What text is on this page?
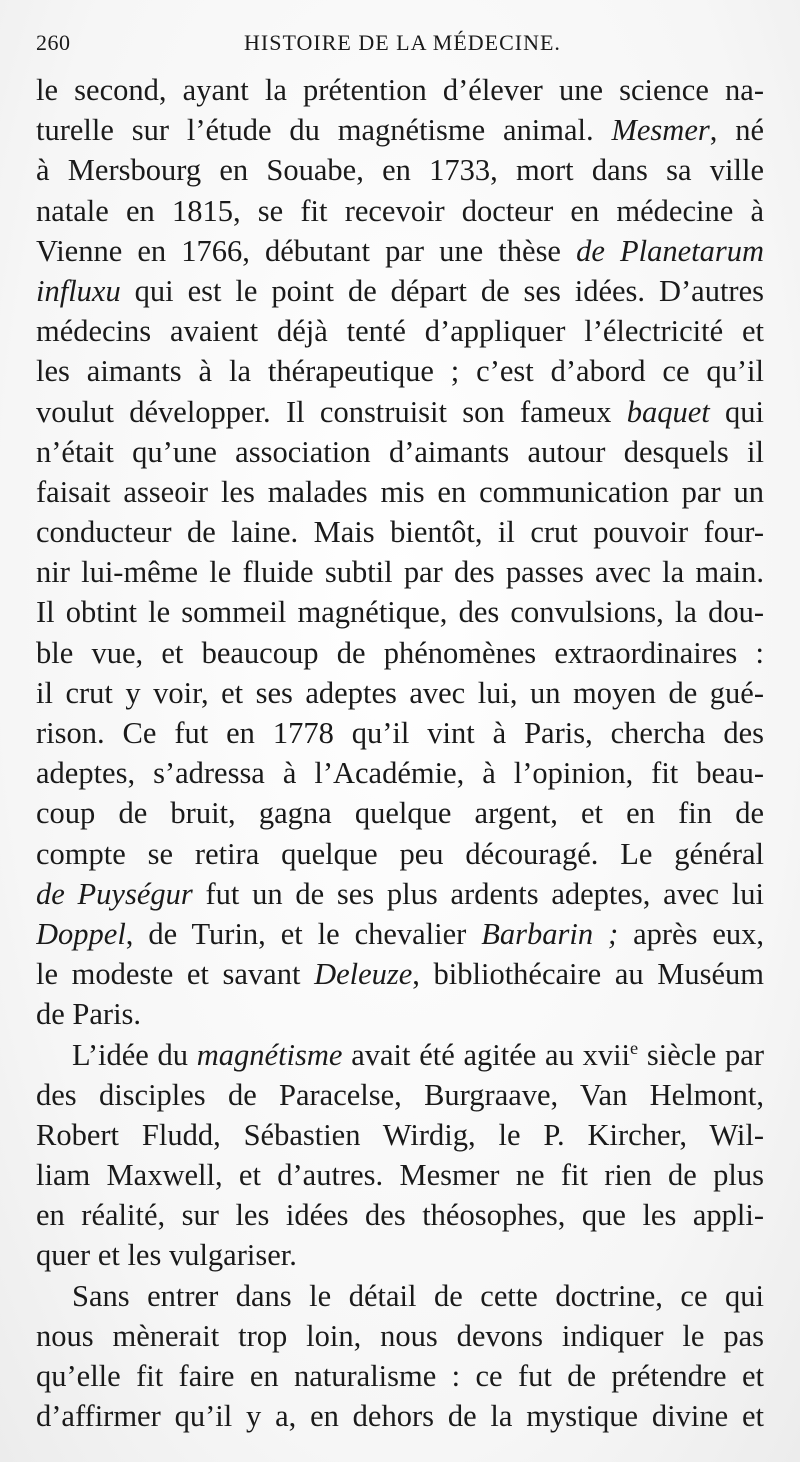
260	HISTOIRE DE LA MÉDECINE.
le second, ayant la prétention d’élever une science na-
turelle sur l’étude du magnétisme animal. Mesmer, né
à Mersbourg en Souabe, en 1733, mort dans sa ville
natale en 1815, se fit recevoir docteur en médecine à
Vienne en 1766, débutant par une thèse de Planetarum
influxu qui est le point de départ de ses idées. D’autres
médecins avaient déjà tenté d’appliquer l’électricité et
les aimants à la thérapeutique ; c’est d’abord ce qu’il
voulut développer. Il construisit son fameux baquet qui
n’était qu’une association d’aimants autour desquels il
faisait asseoir les malades mis en communication par un
conducteur de laine. Mais bientôt, il crut pouvoir four-
nir lui-même le fluide subtil par des passes avec la main.
Il obtint le sommeil magnétique, des convulsions, la dou-
ble vue, et beaucoup de phénomènes extraordinaires :
il crut y voir, et ses adeptes avec lui, un moyen de gué-
rison. Ce fut en 1778 qu’il vint à Paris, chercha des
adeptes, s’adressa à l’Académie, à l’opinion, fit beau-
coup de bruit, gagna quelque argent, et en fin de
compte se retira quelque peu découragé. Le général
de Puységur fut un de ses plus ardents adeptes, avec lui
Doppel, de Turin, et le chevalier Barbarin ; après eux,
le modeste et savant Deleuze, bibliothécaire au Muséum
de Paris.
L’idée du magnétisme avait été agitée au xvii$^e$ siècle par
des disciples de Paracelse, Burgraave, Van Helmont,
Robert Fludd, Sébastien Wirdig, le P. Kircher, Wil-
liam Maxwell, et d’autres. Mesmer ne fit rien de plus
en réalité, sur les idées des théosophes, que les appli-
quer et les vulgariser.
Sans entrer dans le détail de cette doctrine, ce qui
nous mènerait trop loin, nous devons indiquer le pas
qu’elle fit faire en naturalisme : ce fut de prétendre et
d’affirmer qu’il y a, en dehors de la mystique divine et
